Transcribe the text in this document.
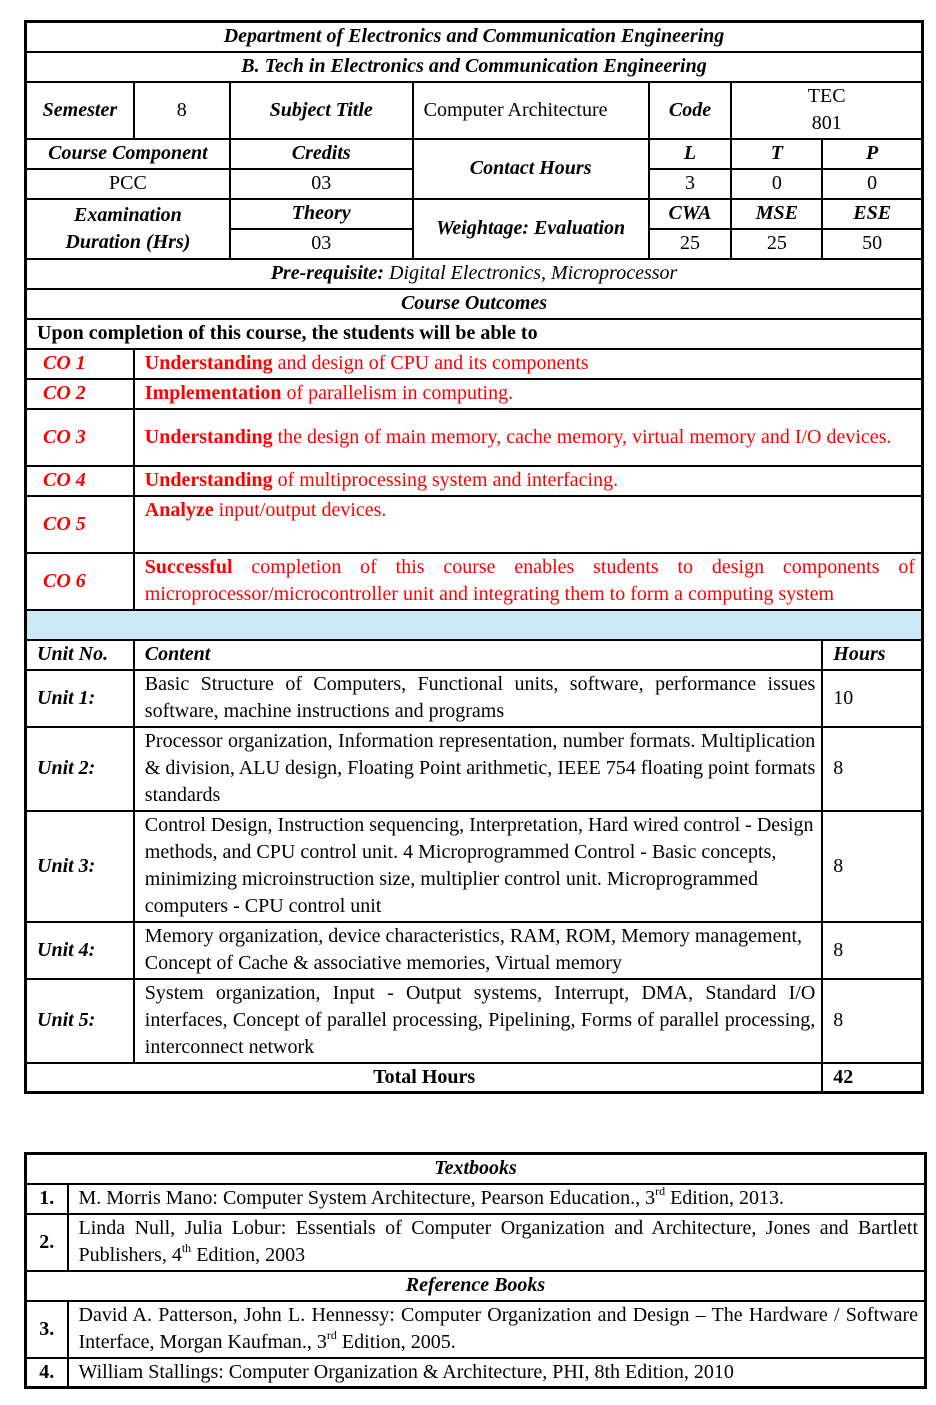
Department of Electronics and Communication Engineering						
B. Tech in Electronics and Communication Engineering						
Semester	8	Subject Title	Computer Architecture	Code	TEC
801	

Course Component		Credits	Contact Hours	L	T	P
PCC		03		3	0	0

Examination
Duration (Hrs)		Theory	Weightage: Evaluation	CWA	MSE	ESE
		03		25	25	50
Pre-requisite: Digital Electronics, Microprocessor						
Course Outcomes						
Upon completion of this course, the students will be able to						
CO 1	Understanding and design of CPU and its components					
CO 2	Implementation of parallelism in computing.					
CO 3	Understanding the design of main memory, cache memory, virtual memory and I/O devices.					
CO 4	Understanding of multiprocessing system and interfacing.					
CO 5	Analyze input/output devices.					
CO 6	Successful completion of this course enables students to design components of microprocessor/microcontroller unit and integrating them to form a computing system					

Unit No.	Content					Hours
Unit 1:	Basic Structure of Computers, Functional units, software, performance issues software, machine instructions and programs					10
Unit 2:	Processor organization, Information representation, number formats. Multiplication & division, ALU design, Floating Point arithmetic, IEEE 754 floating point formats standards					8
Unit 3:	Control Design, Instruction sequencing, Interpretation, Hard wired control - Design methods, and CPU control unit. 4 Microprogrammed Control - Basic concepts, minimizing microinstruction size, multiplier control unit. Microprogrammed computers - CPU control unit					8
Unit 4:	Memory organization, device characteristics, RAM, ROM, Memory management, Concept of Cache & associative memories, Virtual memory					8
Unit 5:	System organization, Input - Output systems, Interrupt, DMA, Standard I/O interfaces, Concept of parallel processing, Pipelining, Forms of parallel processing, interconnect network					8
Total Hours						42
Textbooks	
1.	M. Morris Mano: Computer System Architecture, Pearson Education., 3rd Edition, 2013.
2.	Linda Null, Julia Lobur: Essentials of Computer Organization and Architecture, Jones and Bartlett Publishers, 4th Edition, 2003
Reference Books	
3.	David A. Patterson, John L. Hennessy: Computer Organization and Design – The Hardware / Software Interface, Morgan Kaufman., 3rd Edition, 2005.
4.	William Stallings: Computer Organization & Architecture, PHI, 8th Edition, 2010
